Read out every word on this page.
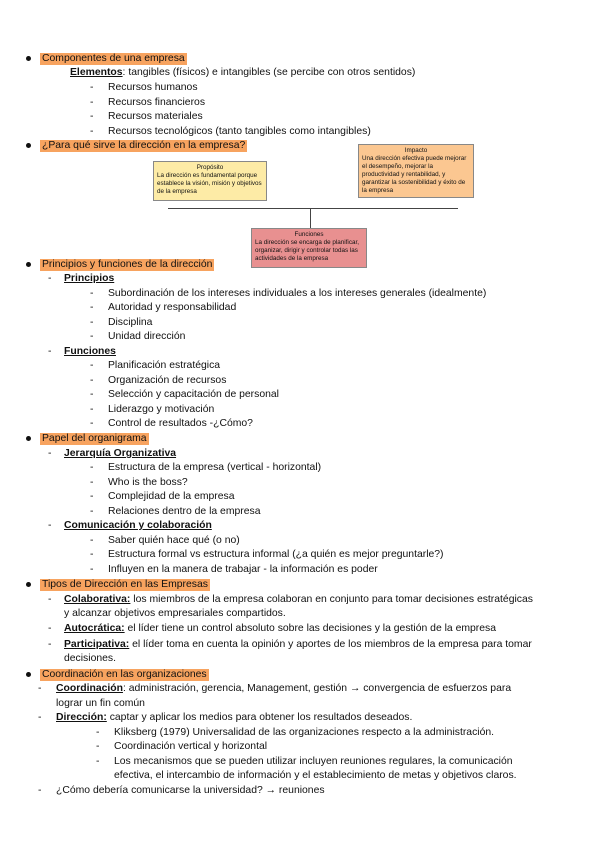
Componentes de una empresa
Elementos: tangibles (físicos) e intangibles (se percibe con otros sentidos)
- Recursos humanos
- Recursos financieros
- Recursos materiales
- Recursos tecnológicos (tanto tangibles como intangibles)
¿Para qué sirve la dirección en la empresa?
Propósito
La dirección es fundamental porque establece la visión, misión y objetivos de la empresa
Impacto
Una dirección efectiva puede mejorar el desempeño, mejorar la productividad y rentabilidad, y garantizar la sostenibilidad y éxito de la empresa
Funciones
La dirección se encarga de planificar, organizar, dirigir y controlar todas las actividades de la empresa
Principios y funciones de la dirección
- Principios
- Subordinación de los intereses individuales a los intereses generales (idealmente)
- Autoridad y responsabilidad
- Disciplina
- Unidad dirección
- Funciones
- Planificación estratégica
- Organización de recursos
- Selección y capacitación de personal
- Liderazgo y motivación
- Control de resultados -¿Cómo?
Papel del organigrama
- Jerarquía Organizativa
- Estructura de la empresa (vertical - horizontal)
- Who is the boss?
- Complejidad de la empresa
- Relaciones dentro de la empresa
- Comunicación y colaboración
- Saber quién hace qué (o no)
- Estructura formal vs estructura informal (¿a quién es mejor preguntarle?)
- Influyen en la manera de trabajar - la información es poder
Tipos de Dirección en las Empresas
- Colaborativa: los miembros de la empresa colaboran en conjunto para tomar decisiones estratégicas
y alcanzar objetivos empresariales compartidos.
- Autocrática: el líder tiene un control absoluto sobre las decisiones y la gestión de la empresa
- Participativa: el líder toma en cuenta la opinión y aportes de los miembros de la empresa para tomar
decisiones.
Coordinación en las organizaciones
- Coordinación: administración, gerencia, Management, gestión → convergencia de esfuerzos para
lograr un fin común
- Dirección: captar y aplicar los medios para obtener los resultados deseados.
- Kliksberg (1979) Universalidad de las organizaciones respecto a la administración.
- Coordinación vertical y horizontal
- Los mecanismos que se pueden utilizar incluyen reuniones regulares, la comunicación
efectiva, el intercambio de información y el establecimiento de metas y objetivos claros.
- ¿Cómo debería comunicarse la universidad? → reuniones
